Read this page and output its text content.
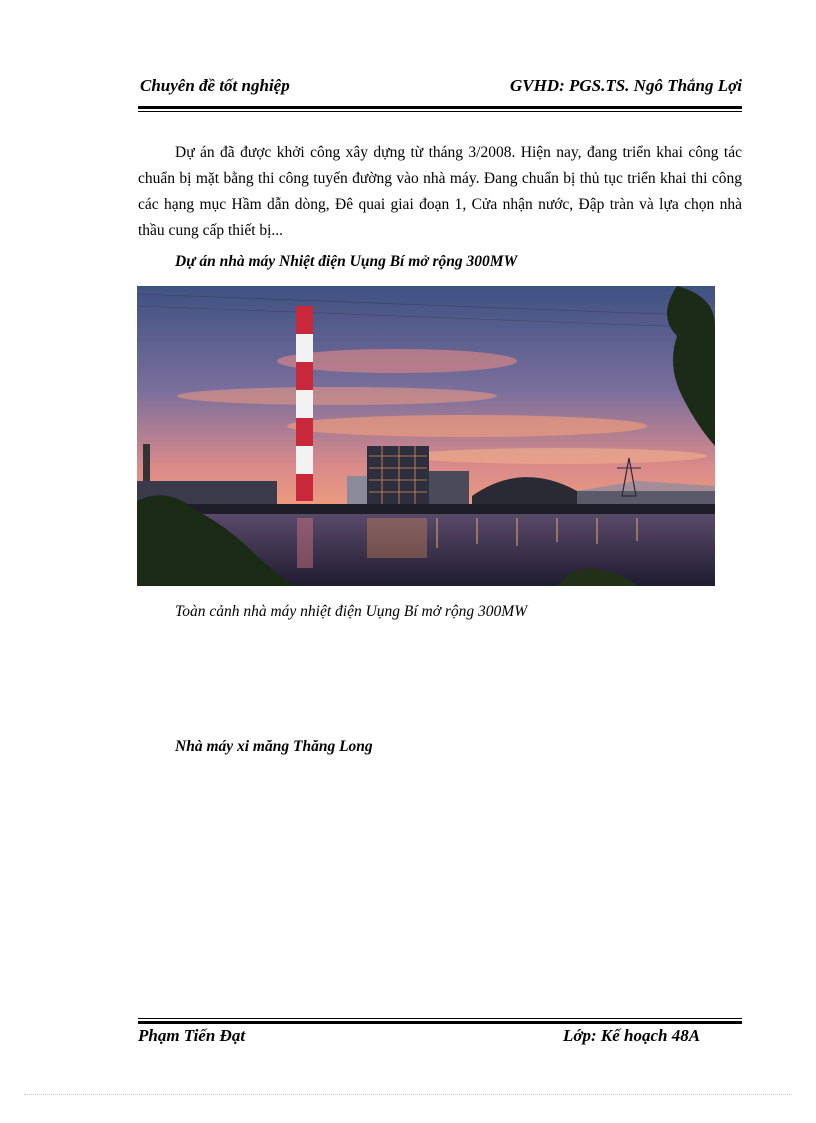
Chuyên đề tốt nghiệp	GVHD: PGS.TS. Ngô Thắng Lợi

Dự án đã được khởi công xây dựng từ tháng 3/2008. Hiện nay, đang triển khai công tác chuẩn bị mặt bằng thi công tuyến đường vào nhà máy. Đang chuẩn bị thủ tục triển khai thi công các hạng mục Hầm dẫn dòng, Đê quai giai đoạn 1, Cửa nhận nước, Đập tràn và lựa chọn nhà thầu cung cấp thiết bị...

Dự án nhà máy Nhiệt điện Uụng Bí mở rộng 300MW
Toàn cảnh nhà máy nhiệt điện Uụng Bí mở rộng 300MW
Nhà máy xi măng Thăng Long
Phạm Tiến Đạt	Lớp: Kế hoạch 48A
